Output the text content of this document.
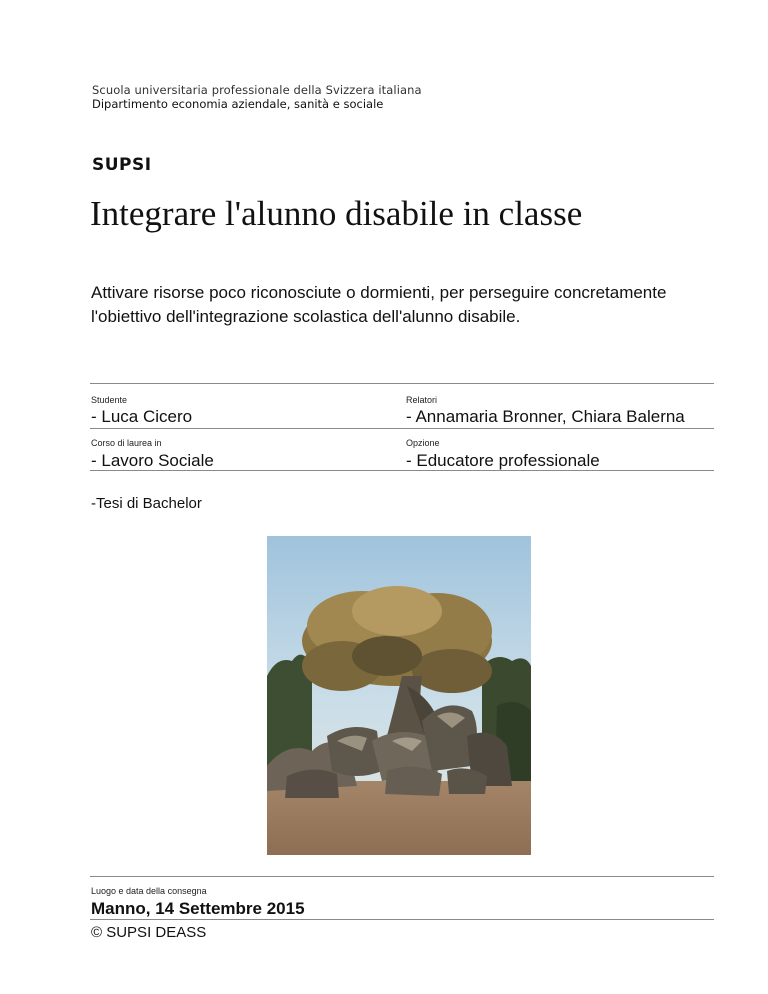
Scuola universitaria professionale della Svizzera italiana
Dipartimento economia aziendale, sanità e sociale
SUPSI
Integrare l'alunno disabile in classe
Attivare risorse poco riconosciute o dormienti, per perseguire concretamente l'obiettivo dell'integrazione scolastica dell'alunno disabile.
Studente
- Luca Cicero
Relatori
- Annamaria Bronner, Chiara Balerna
Corso di laurea in
- Lavoro Sociale
Opzione
- Educatore professionale
-Tesi di Bachelor
Luogo e data della consegna
Manno, 14 Settembre 2015
© SUPSI DEASS
